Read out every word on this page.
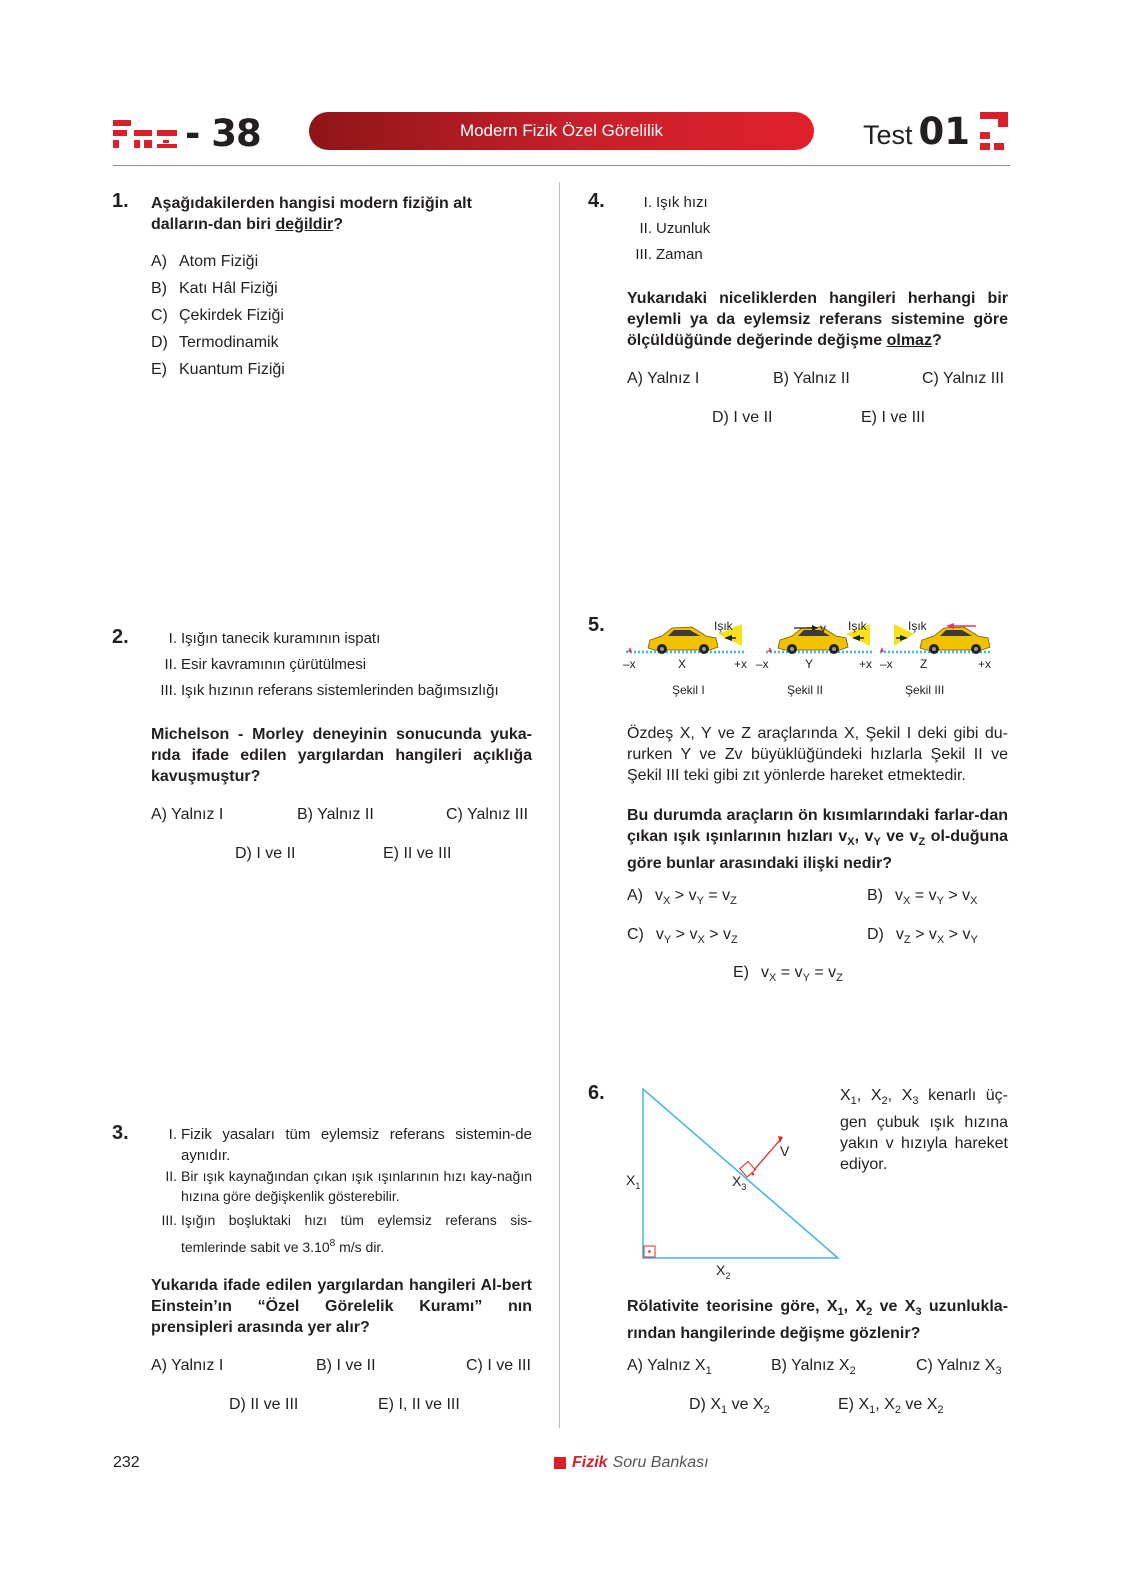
- 38	Modern Fizik Özel Görelilik	Test 01
1. Aşağıdakilerden hangisi modern fiziğin alt dalların-dan biri değildir?
A) Atom Fiziği
B) Katı Hâl Fiziği
C) Çekirdek Fiziği
D) Termodinamik
E) Kuantum Fiziği
2.	I. Işığın tanecik kuramının ispatı
II. Esir kavramının çürütülmesi
III. Işık hızının referans sistemlerinden bağımsızlığı
Michelson - Morley deneyinin sonucunda yuka-rıda ifade edilen yargılardan hangileri açıklığa kavuşmuştur?
A) Yalnız I	B) Yalnız II	C) Yalnız III
D) I ve II	E) II ve III
3.	I. Fizik yasaları tüm eylemsiz referans sistemin-de aynıdır.
II. Bir ışık kaynağından çıkan ışık ışınlarının hızı kay-nağın hızına göre değişkenlik gösterebilir.
III. Işığın boşluktaki hızı tüm eylemsiz referans sis-temlerinde sabit ve 3.10$^8$ m/s dir.
Yukarıda ifade edilen yargılardan hangileri Al-bert Einstein’ın “Özel Görelelik Kuramı” nın prensipleri arasında yer alır?
A) Yalnız I	B) I ve II	C) I ve III
D) II ve III	E) I, II ve III
4.	I. Işık hızı
II. Uzunluk
III. Zaman
Yukarıdaki niceliklerden hangileri herhangi bir eylemli ya da eylemsiz referans sistemine göre ölçüldüğünde değerinde değişme olmaz?
A) Yalnız I	B) Yalnız II	C) Yalnız III
D) I ve II	E) I ve III
5.	Işık	Işık
v	Işık
–x	X	+x –x	Y	+x –x Z	+x
Şekil I	Şekil II	Şekil III
Özdeş X, Y ve Z araçlarında X, Şekil I deki gibi du-rurken Y ve Zv büyüklüğündeki hızlarla Şekil II ve Şekil III teki gibi zıt yönlerde hareket etmektedir.
Bu durumda araçların ön kısımlarındaki farlar-dan çıkan ışık ışınlarının hızları $v_X$, $v_Y$ ve $v_Z$ ol-duğuna göre bunlar arasındaki ilişki nedir?
A) $v_X > v_Y = v_Z$	B) $v_X = v_Y > v_X$
C) $v_Y > v_X > v_Z$	D) $v_Z > v_X > v_Y$
E) $v_X = v_Y = v_Z$
6.
$X_1$
$X_2$
$X_3$
V
$X_1$, $X_2$, $X_3$ kenarlı üç-gen çubuk ışık hızına yakın v hızıyla hareket ediyor.
Rölativite teorisine göre, $X_1$, $X_2$ ve $X_3$ uzunlukla-rından hangilerinde değişme gözlenir?
A) Yalnız $X_1$	B) Yalnız $X_2$	C) Yalnız $X_3$
D) $X_1$ ve $X_2$	E) $X_1$, $X_2$ ve $X_2$
232	Fizik Soru Bankası
